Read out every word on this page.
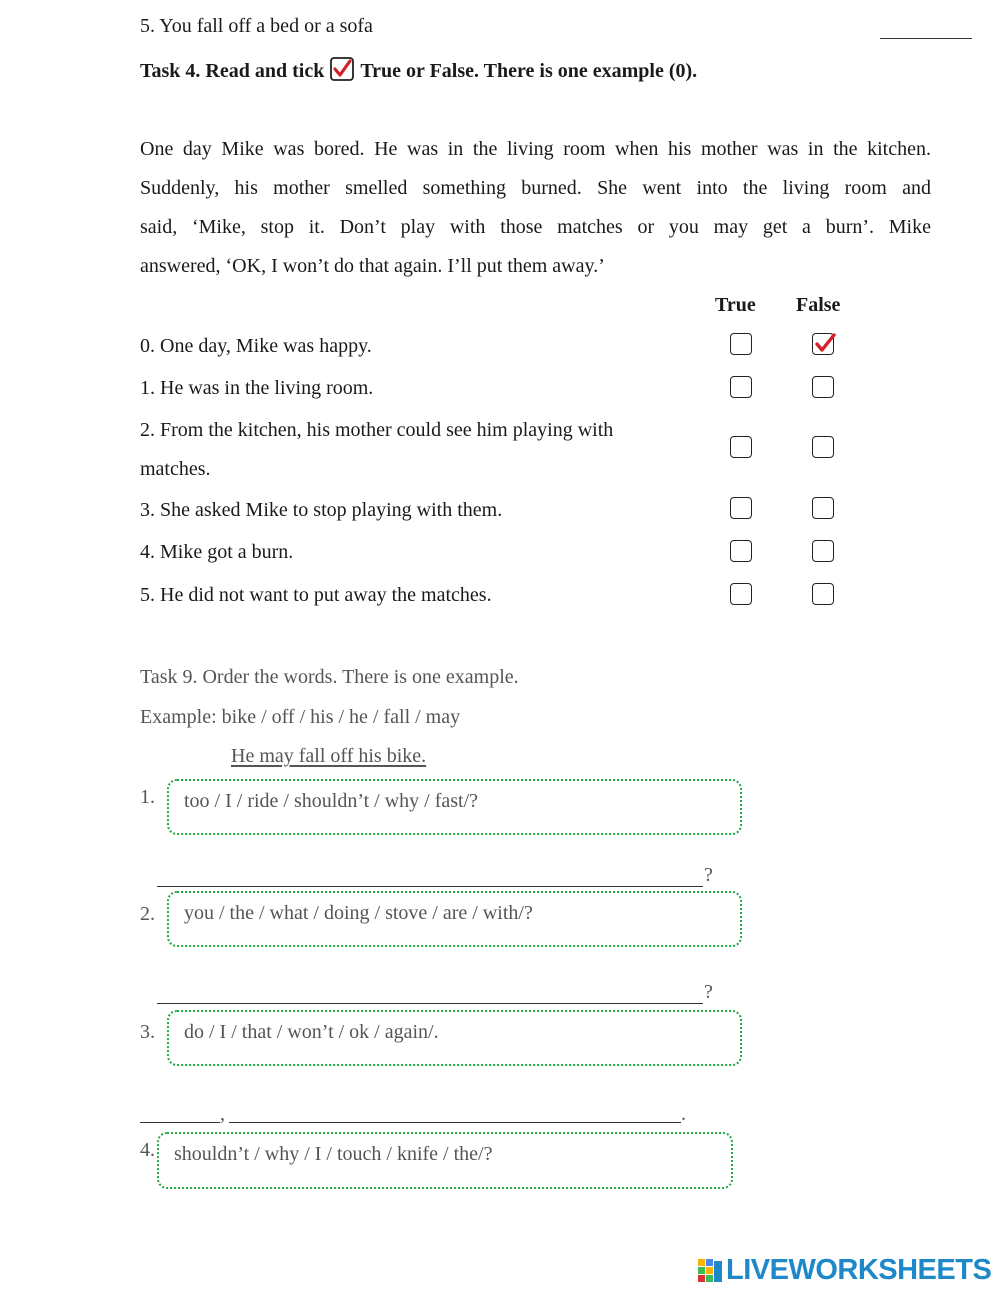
5. You fall off a bed or a sofa
Task 4. Read and tick True or False. There is one example (0).
One day Mike was bored. He was in the living room when his mother was in the kitchen.
Suddenly, his mother smelled something burned. She went into the living room and
said, ‘Mike, stop it. Don’t play with those matches or you may get a burn’. Mike
answered, ‘OK, I won’t do that again. I’ll put them away.’
True False
0. One day, Mike was happy.
1. He was in the living room.
2. From the kitchen, his mother could see him playing with
matches.
3. She asked Mike to stop playing with them.
4. Mike got a burn.
5. He did not want to put away the matches.
Task 9. Order the words. There is one example.
Example: bike / off / his / he / fall / may
He may fall off his bike.
1. too / I / ride / shouldn’t / why / fast/?
?
2. you / the / what / doing / stove / are / with/?
?
3. do / I / that / won’t / ok / again/.
,	.
4. shouldn’t / why / I / touch / knife / the/?
LIVEWORKSHEETS
